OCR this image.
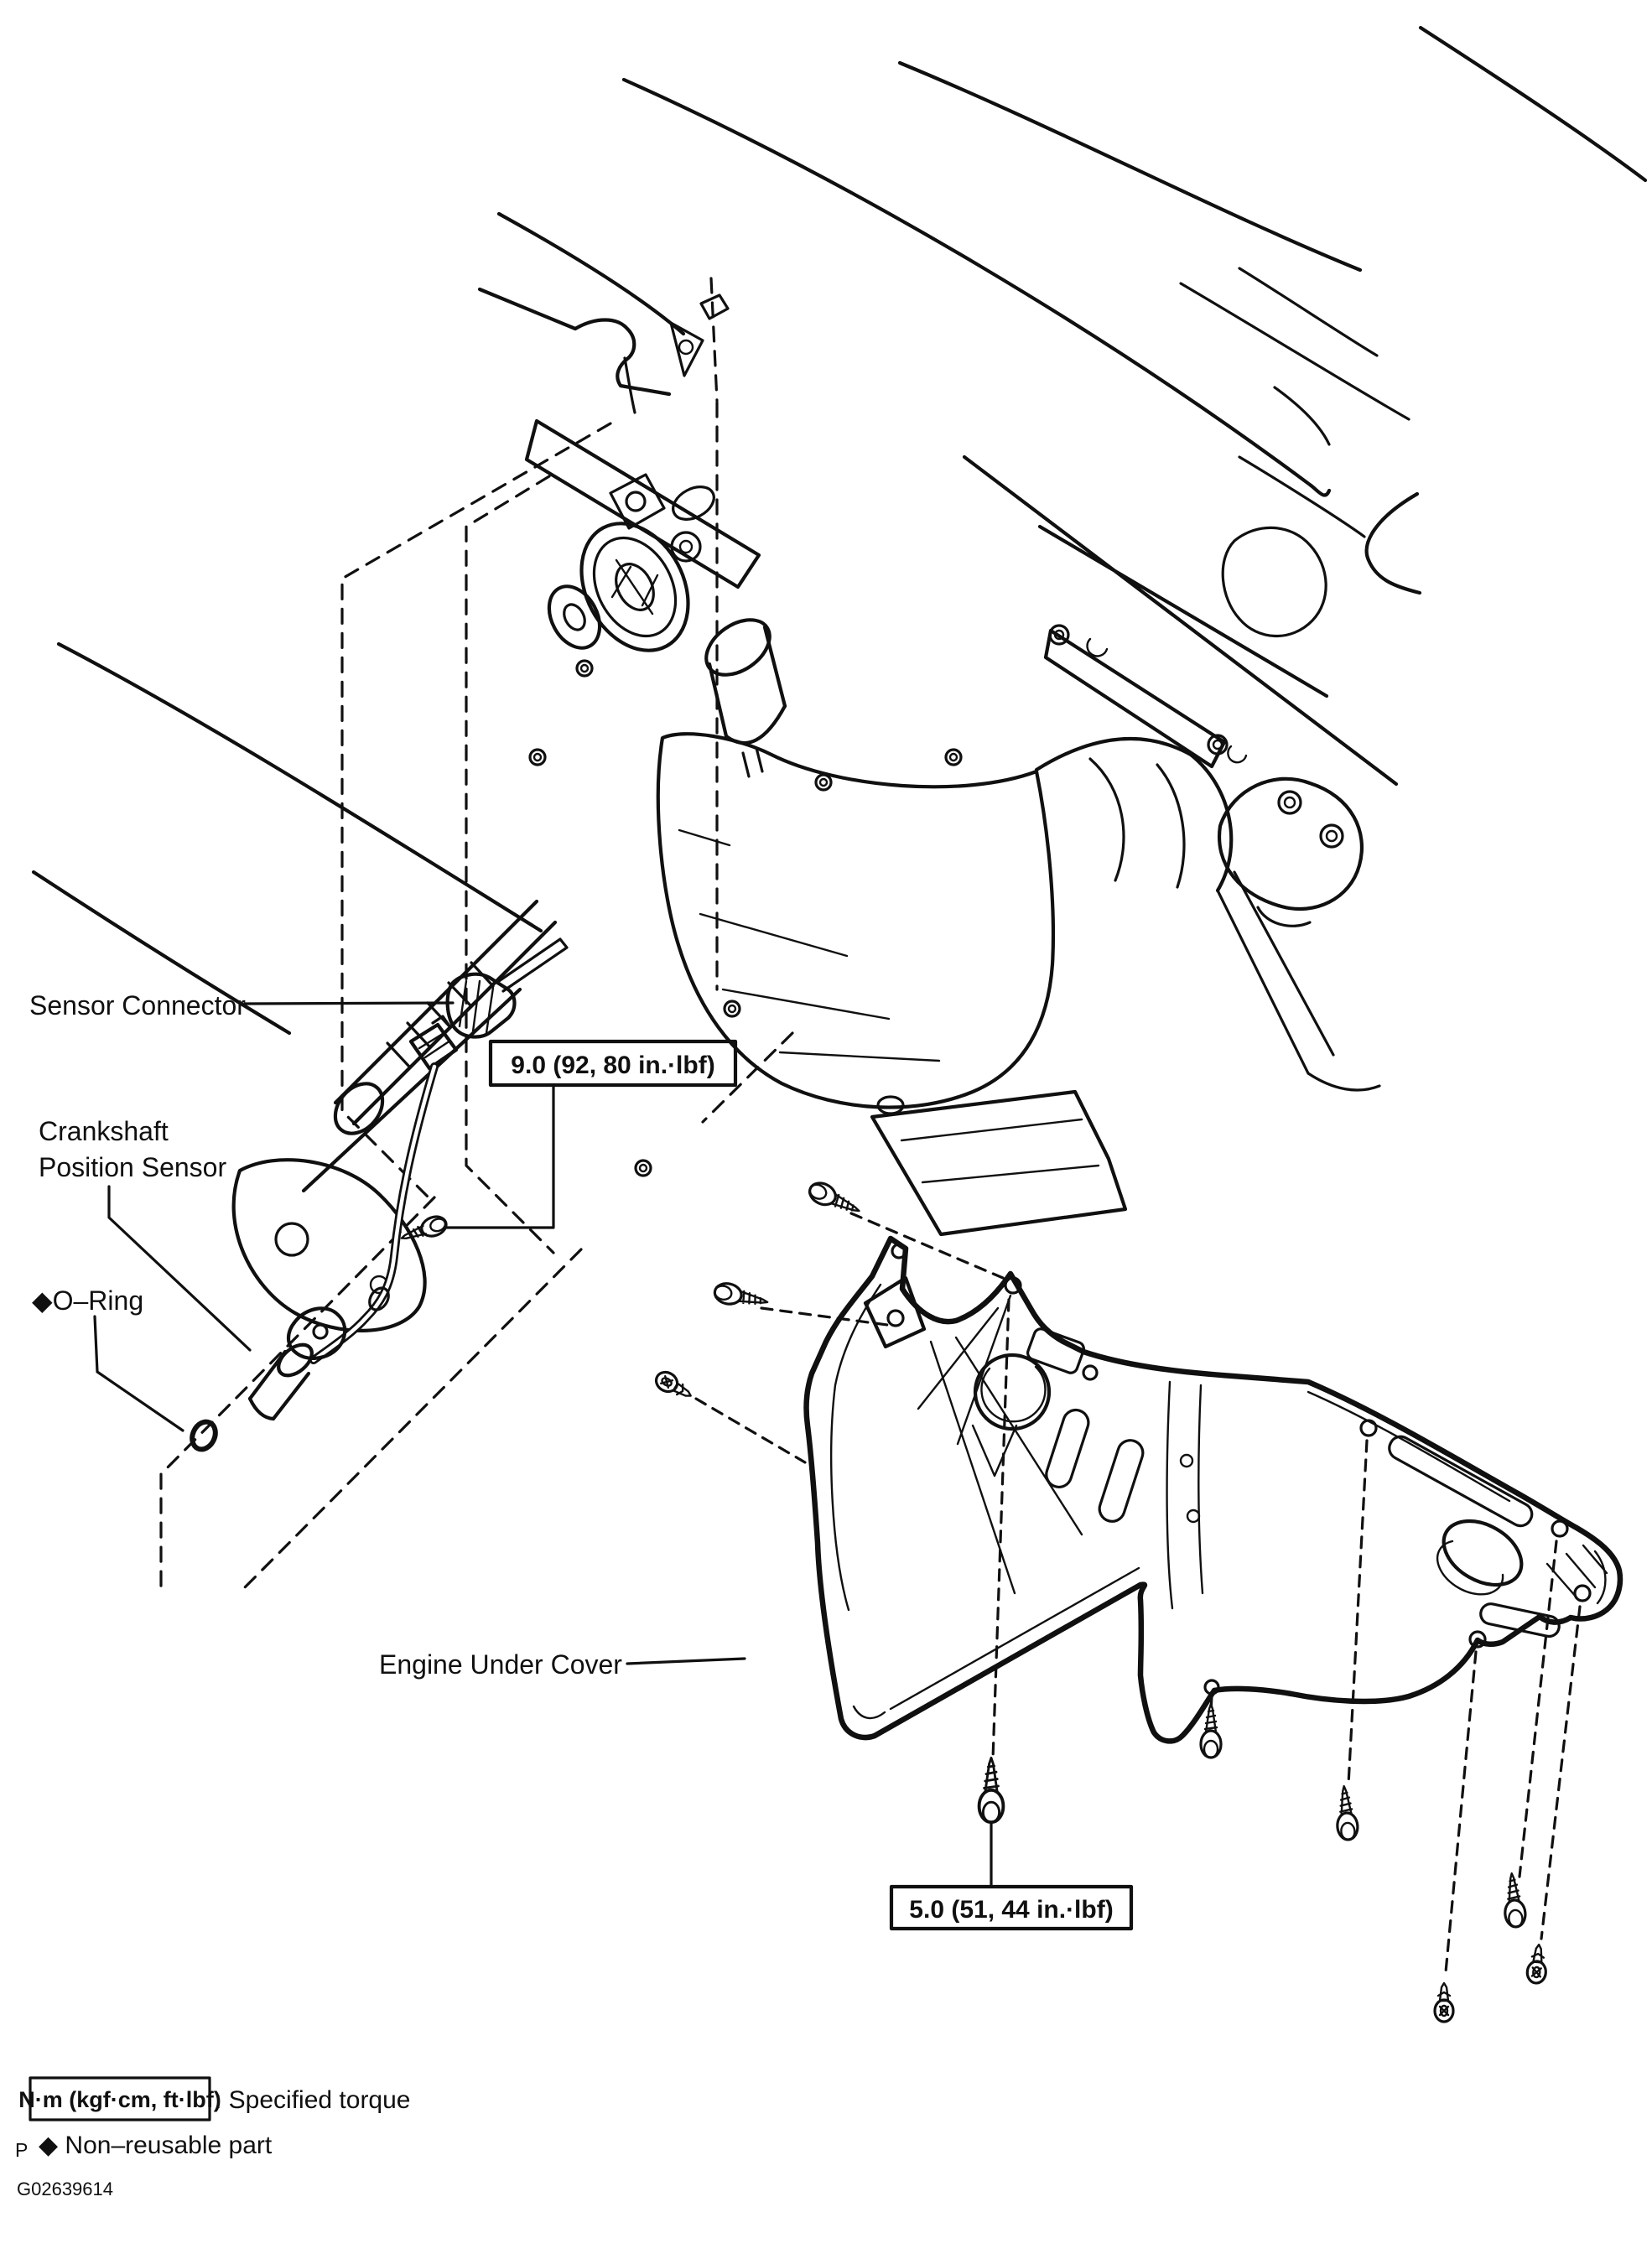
Sensor Connector
Crankshaft
Position Sensor
◆O–Ring
Engine Under Cover
9.0 (92, 80 in.·lbf)
5.0 (51, 44 in.·lbf)
N·m (kgf·cm, ft·lbf)
: Specified torque
P ◆ Non–reusable part
G02639614
